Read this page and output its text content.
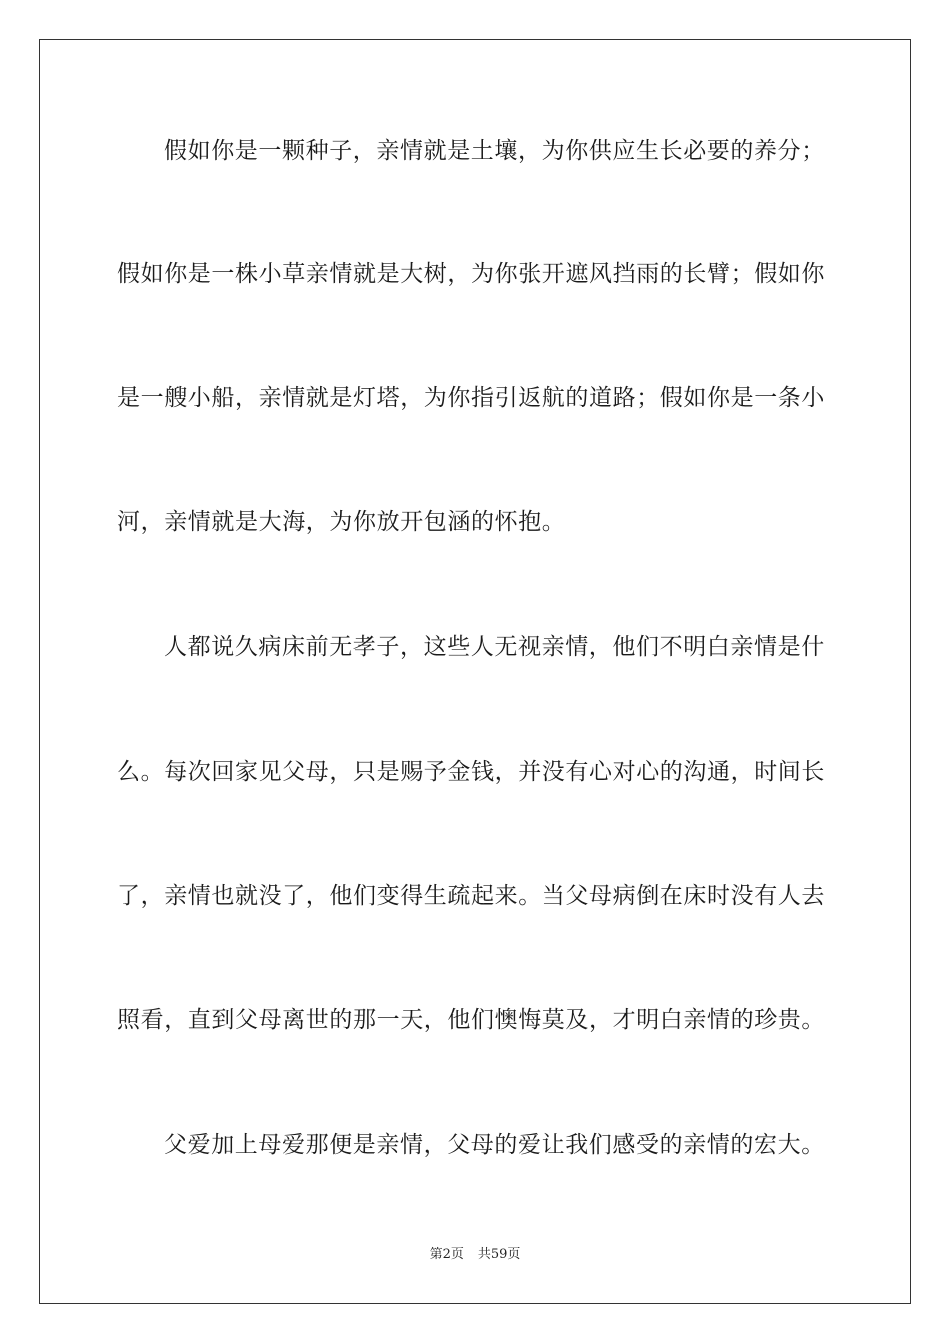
假如你是一颗种子，亲情就是土壤，为你供应生长必要的养分；
假如你是一株小草亲情就是大树，为你张开遮风挡雨的长臂；假如你
是一艘小船，亲情就是灯塔，为你指引返航的道路；假如你是一条小
河，亲情就是大海，为你放开包涵的怀抱。
人都说久病床前无孝子，这些人无视亲情，他们不明白亲情是什
么。每次回家见父母，只是赐予金钱，并没有心对心的沟通，时间长
了，亲情也就没了，他们变得生疏起来。当父母病倒在床时没有人去
照看，直到父母离世的那一天，他们懊悔莫及，才明白亲情的珍贵。
父爱加上母爱那便是亲情，父母的爱让我们感受的亲情的宏大。
第2页 共59页
